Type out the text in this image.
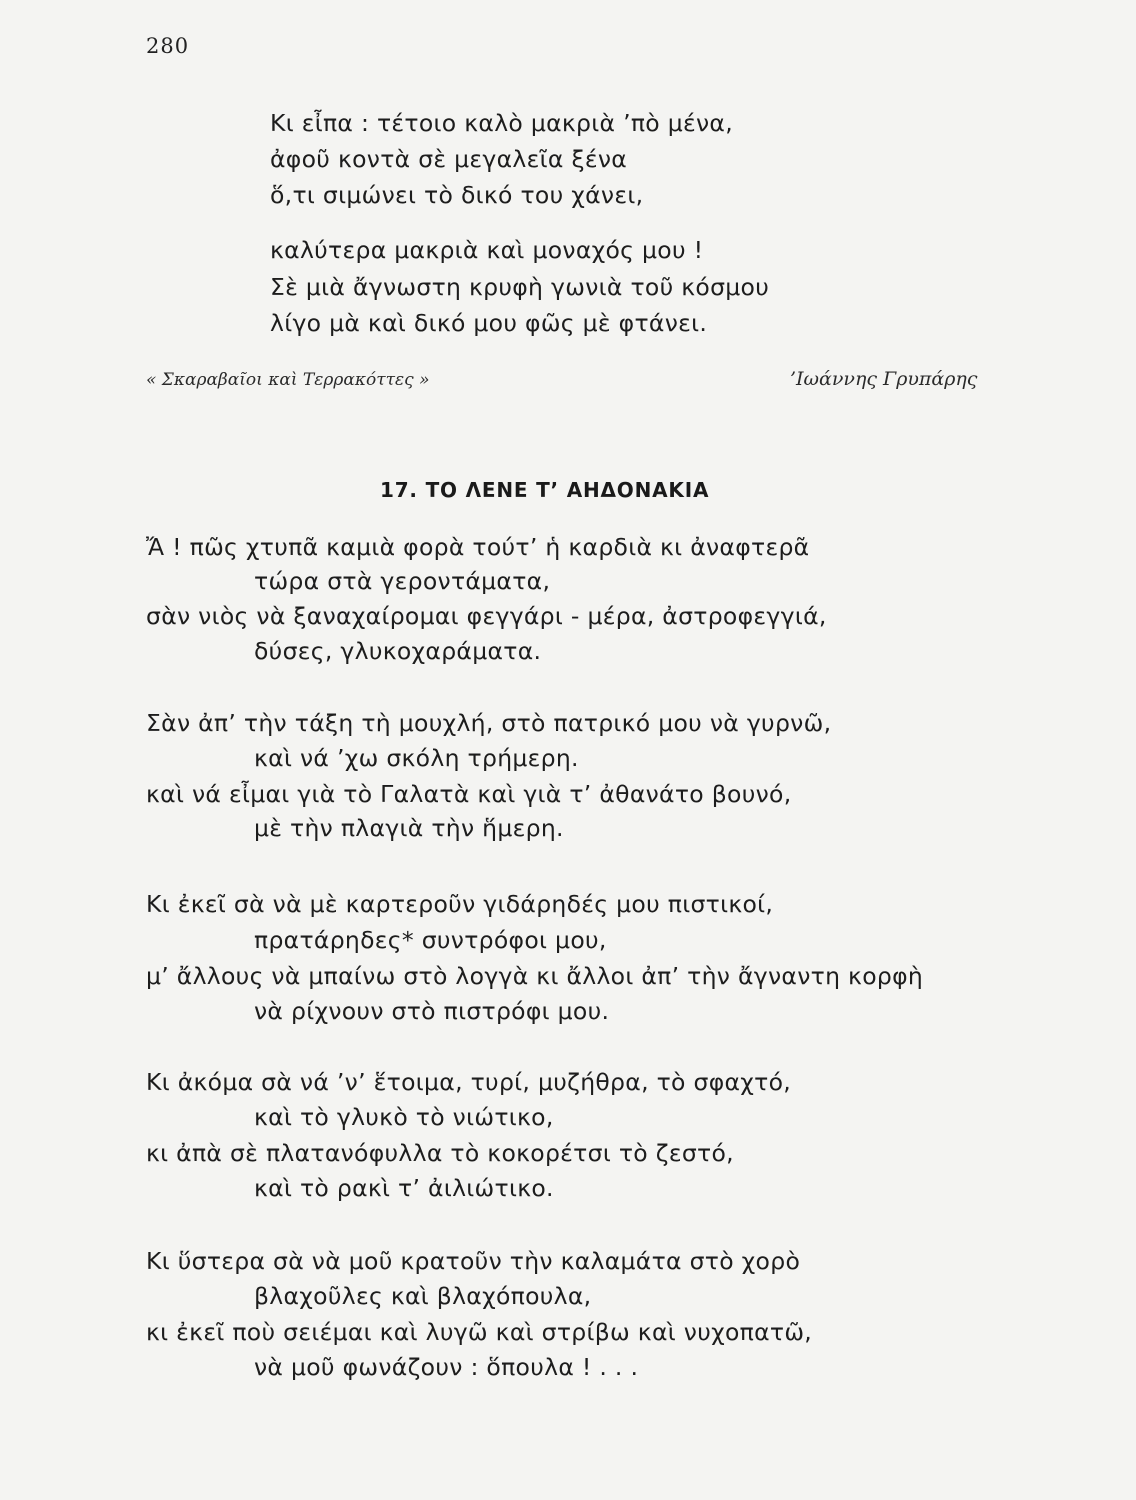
280
Κι εἶπα : τέτοιο καλὸ μακριὰ ’πὸ μένα,
ἀφοῦ κοντὰ σὲ μεγαλεῖα ξένα
ὅ,τι σιμώνει τὸ δικό του χάνει,
καλύτερα μακριὰ καὶ μοναχός μου !
Σὲ μιὰ ἄγνωστη κρυφὴ γωνιὰ τοῦ κόσμου
λίγο μὰ καὶ δικό μου φῶς μὲ φτάνει.
« Σκαραβαῖοι καὶ Τερρακόττες »	’Ιωάννης Γρυπάρης
17. ΤΟ ΛΕΝΕ Τ’ ΑΗΔΟΝΑΚΙΑ
Ἄ ! πῶς χτυπᾶ καμιὰ φορὰ τούτ’ ἡ καρδιὰ κι ἀναφτερᾶ
τώρα στὰ γεροντάματα,
σὰν νιὸς νὰ ξαναχαίρομαι φεγγάρι - μέρα, ἀστροφεγγιά,
δύσες, γλυκοχαράματα.
Σὰν ἀπ’ τὴν τάξη τὴ μουχλή, στὸ πατρικό μου νὰ γυρνῶ,
καὶ νά ’χω σκόλη τρήμερη.
καὶ νά εἶμαι γιὰ τὸ Γαλατὰ καὶ γιὰ τ’ ἀθανάτο βουνό,
μὲ τὴν πλαγιὰ τὴν ἥμερη.
Κι ἐκεῖ σὰ νὰ μὲ καρτεροῦν γιδάρηδές μου πιστικοί,
πρατάρηδες* συντρόφοι μου,
μ’ ἄλλους νὰ μπαίνω στὸ λογγὰ κι ἄλλοι ἀπ’ τὴν ἄγναντη κορφὴ
νὰ ρίχνουν στὸ πιστρόφι μου.
Κι ἀκόμα σὰ νά ’ν’ ἕτοιμα, τυρί, μυζήθρα, τὸ σφαχτό,
καὶ τὸ γλυκὸ τὸ νιώτικο,
κι ἀπὰ σὲ πλατανόφυλλα τὸ κοκορέτσι τὸ ζεστό,
καὶ τὸ ρακὶ τ’ ἀιλιώτικο.
Κι ὕστερα σὰ νὰ μοῦ κρατοῦν τὴν καλαμάτα στὸ χορὸ
βλαχοῦλες καὶ βλαχόπουλα,
κι ἐκεῖ ποὺ σειέμαι καὶ λυγῶ καὶ στρίβω καὶ νυχοπατῶ,
νὰ μοῦ φωνάζουν : ὅπουλα ! . . .
